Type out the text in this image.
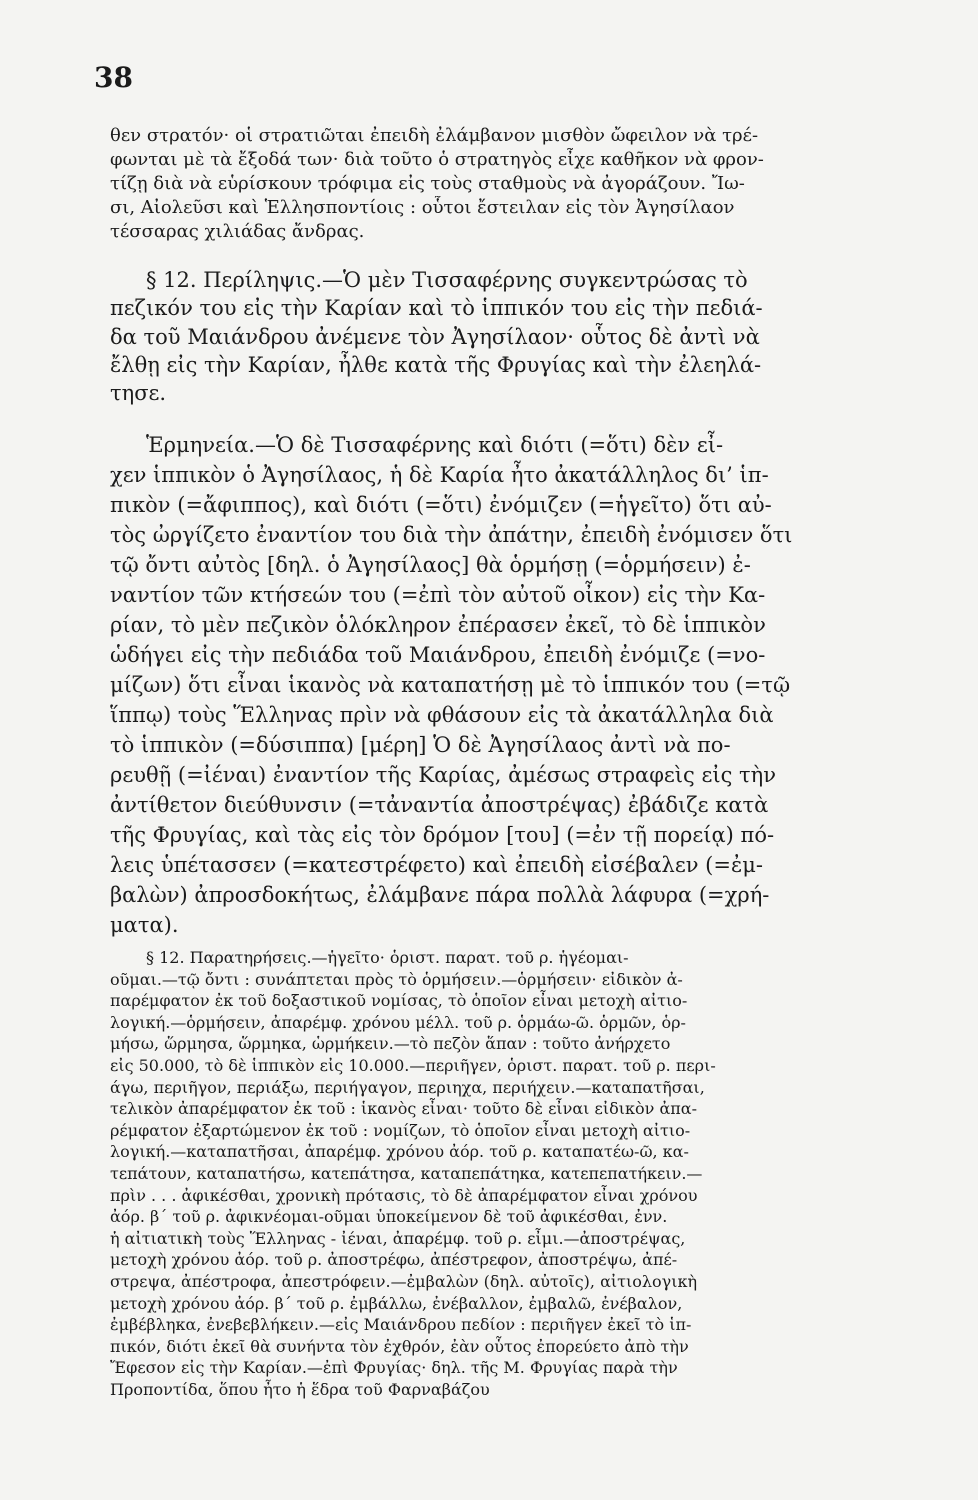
38
θεν στρατόν· οἱ στρατιῶται ἐπειδὴ ἐλάμβανον μισθὸν ὤφειλον νὰ τρέ-
φωνται μὲ τὰ ἔξοδά των· διὰ τοῦτο ὁ στρατηγὸς εἶχε καθῆκον νὰ φρον-
τίζῃ διὰ νὰ εὑρίσκουν τρόφιμα εἰς τοὺς σταθμοὺς νὰ ἀγοράζουν. Ἴω-
σι, Αἰολεῦσι καὶ Ἑλλησποντίοις : οὗτοι ἔστειλαν εἰς τὸν Ἀγησίλαον
τέσσαρας χιλιάδας ἄνδρας.
§ 12. Περίληψις.—Ὁ μὲν Τισσαφέρνης συγκεντρώσας τὸ
πεζικόν του εἰς τὴν Καρίαν καὶ τὸ ἱππικόν του εἰς τὴν πεδιά-
δα τοῦ Μαιάνδρου ἀνέμενε τὸν Ἀγησίλαον· οὗτος δὲ ἀντὶ νὰ
ἔλθῃ εἰς τὴν Καρίαν, ἦλθε κατὰ τῆς Φρυγίας καὶ τὴν ἐλεηλά-
τησε.
Ἑρμηνεία.—Ὁ δὲ Τισσαφέρνης καὶ διότι (=ὅτι) δὲν εἶ-
χεν ἱππικὸν ὁ Ἀγησίλαος, ἡ δὲ Καρία ἦτο ἀκατάλληλος δι’ ἱπ-
πικὸν (=ἄφιππος), καὶ διότι (=ὅτι) ἐνόμιζεν (=ἡγεῖτο) ὅτι αὐ-
τὸς ὠργίζετο ἐναντίον του διὰ τὴν ἀπάτην, ἐπειδὴ ἐνόμισεν ὅτι
τῷ ὄντι αὐτὸς [δηλ. ὁ Ἀγησίλαος] θὰ ὁρμήσῃ (=ὁρμήσειν) ἐ-
ναντίον τῶν κτήσεών του (=ἐπὶ τὸν αὐτοῦ οἶκον) εἰς τὴν Κα-
ρίαν, τὸ μὲν πεζικὸν ὁλόκληρον ἐπέρασεν ἐκεῖ, τὸ δὲ ἱππικὸν
ὡδήγει εἰς τὴν πεδιάδα τοῦ Μαιάνδρου, ἐπειδὴ ἐνόμιζε (=νο-
μίζων) ὅτι εἶναι ἱκανὸς νὰ καταπατήσῃ μὲ τὸ ἱππικόν του (=τῷ
ἵππῳ) τοὺς Ἕλληνας πρὶν νὰ φθάσουν εἰς τὰ ἀκατάλληλα διὰ
τὸ ἱππικὸν (=δύσιππα) [μέρη] Ὁ δὲ Ἀγησίλαος ἀντὶ νὰ πο-
ρευθῇ (=ἰέναι) ἐναντίον τῆς Καρίας, ἀμέσως στραφεὶς εἰς τὴν
ἀντίθετον διεύθυνσιν (=τἀναντία ἀποστρέψας) ἐβάδιζε κατὰ
τῆς Φρυγίας, καὶ τὰς εἰς τὸν δρόμον [του] (=ἐν τῇ πορείᾳ) πό-
λεις ὑπέτασσεν (=κατεστρέφετο) καὶ ἐπειδὴ εἰσέβαλεν (=ἐμ-
βαλὼν) ἀπροσδοκήτως, ἐλάμβανε πάρα πολλὰ λάφυρα (=χρή-
ματα).
§ 12. Παρατηρήσεις.—ἡγεῖτο· ὁριστ. παρατ. τοῦ ρ. ἡγέομαι-
οῦμαι.—τῷ ὄντι : συνάπτεται πρὸς τὸ ὁρμήσειν.—ὁρμήσειν· εἰδικὸν ἀ-
παρέμφατον ἐκ τοῦ δοξαστικοῦ νομίσας, τὸ ὁποῖον εἶναι μετοχὴ αἰτιο-
λογική.—ὁρμήσειν, ἀπαρέμφ. χρόνου μέλλ. τοῦ ρ. ὁρμάω-ῶ. ὁρμῶν, ὁρ-
μήσω, ὥρμησα, ὥρμηκα, ὡρμήκειν.—τὸ πεζὸν ἅπαν : τοῦτο ἀνήρχετο
εἰς 50.000, τὸ δὲ ἱππικὸν εἰς 10.000.—περιῆγεν, ὁριστ. παρατ. τοῦ ρ. περι-
άγω, περιῆγον, περιάξω, περιήγαγον, περιηχα, περιήχειν.—καταπατῆσαι,
τελικὸν ἀπαρέμφατον ἐκ τοῦ : ἱκανὸς εἶναι· τοῦτο δὲ εἶναι εἰδικὸν ἀπα-
ρέμφατον ἐξαρτώμενον ἐκ τοῦ : νομίζων, τὸ ὁποῖον εἶναι μετοχὴ αἰτιο-
λογική.—καταπατῆσαι, ἀπαρέμφ. χρόνου ἀόρ. τοῦ ρ. καταπατέω-ῶ, κα-
τεπάτουν, καταπατήσω, κατεπάτησα, καταπεπάτηκα, κατεπεπατήκειν.—
πρὶν . . . ἀφικέσθαι, χρονικὴ πρότασις, τὸ δὲ ἀπαρέμφατον εἶναι χρόνου
ἀόρ. β΄ τοῦ ρ. ἀφικνέομαι-οῦμαι ὑποκείμενον δὲ τοῦ ἀφικέσθαι, ἐνν.
ἡ αἰτιατικὴ τοὺς Ἕλληνας - ἰέναι, ἀπαρέμφ. τοῦ ρ. εἶμι.—ἀποστρέψας,
μετοχὴ χρόνου ἀόρ. τοῦ ρ. ἀποστρέφω, ἀπέστρεφον, ἀποστρέψω, ἀπέ-
στρεψα, ἀπέστροφα, ἀπεστρόφειν.—ἐμβαλὼν (δηλ. αὐτοῖς), αἰτιολογικὴ
μετοχὴ χρόνου ἀόρ. β΄ τοῦ ρ. ἐμβάλλω, ἐνέβαλλον, ἐμβαλῶ, ἐνέβαλον,
ἐμβέβληκα, ἐνεβεβλήκειν.—εἰς Μαιάνδρου πεδίον : περιῆγεν ἐκεῖ τὸ ἱπ-
πικόν, διότι ἐκεῖ θὰ συνήντα τὸν ἐχθρόν, ἐὰν οὗτος ἐπορεύετο ἀπὸ τὴν
Ἔφεσον εἰς τὴν Καρίαν.—ἐπὶ Φρυγίας· δηλ. τῆς Μ. Φρυγίας παρὰ τὴν
Προποντίδα, ὅπου ἦτο ἡ ἕδρα τοῦ Φαρναβάζου
